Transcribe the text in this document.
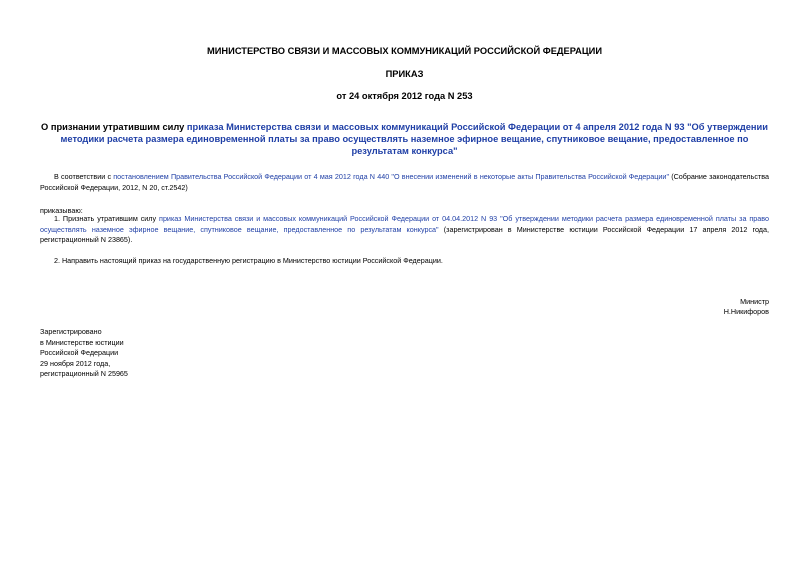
МИНИСТЕРСТВО СВЯЗИ И МАССОВЫХ КОММУНИКАЦИЙ РОССИЙСКОЙ ФЕДЕРАЦИИ
ПРИКАЗ
от 24 октября 2012 года N 253
О признании утратившим силу приказа Министерства связи и массовых коммуникаций Российской Федерации от 4 апреля 2012 года N 93 "Об утверждении методики расчета размера единовременной платы за право осуществлять наземное эфирное вещание, спутниковое вещание, предоставленное по результатам конкурса"
В соответствии с постановлением Правительства Российской Федерации от 4 мая 2012 года N 440 "О внесении изменений в некоторые акты Правительства Российской Федерации" (Собрание законодательства Российской Федерации, 2012, N 20, ст.2542)
приказываю:
1. Признать утратившим силу приказ Министерства связи и массовых коммуникаций Российской Федерации от 04.04.2012 N 93 "Об утверждении методики расчета размера единовременной платы за право осуществлять наземное эфирное вещание, спутниковое вещание, предоставленное по результатам конкурса" (зарегистрирован в Министерстве юстиции Российской Федерации 17 апреля 2012 года, регистрационный N 23865).
2. Направить настоящий приказ на государственную регистрацию в Министерство юстиции Российской Федерации.
Министр
Н.Никифоров
Зарегистрировано
в Министерстве юстиции
Российской Федерации
29 ноября 2012 года,
регистрационный N 25965
